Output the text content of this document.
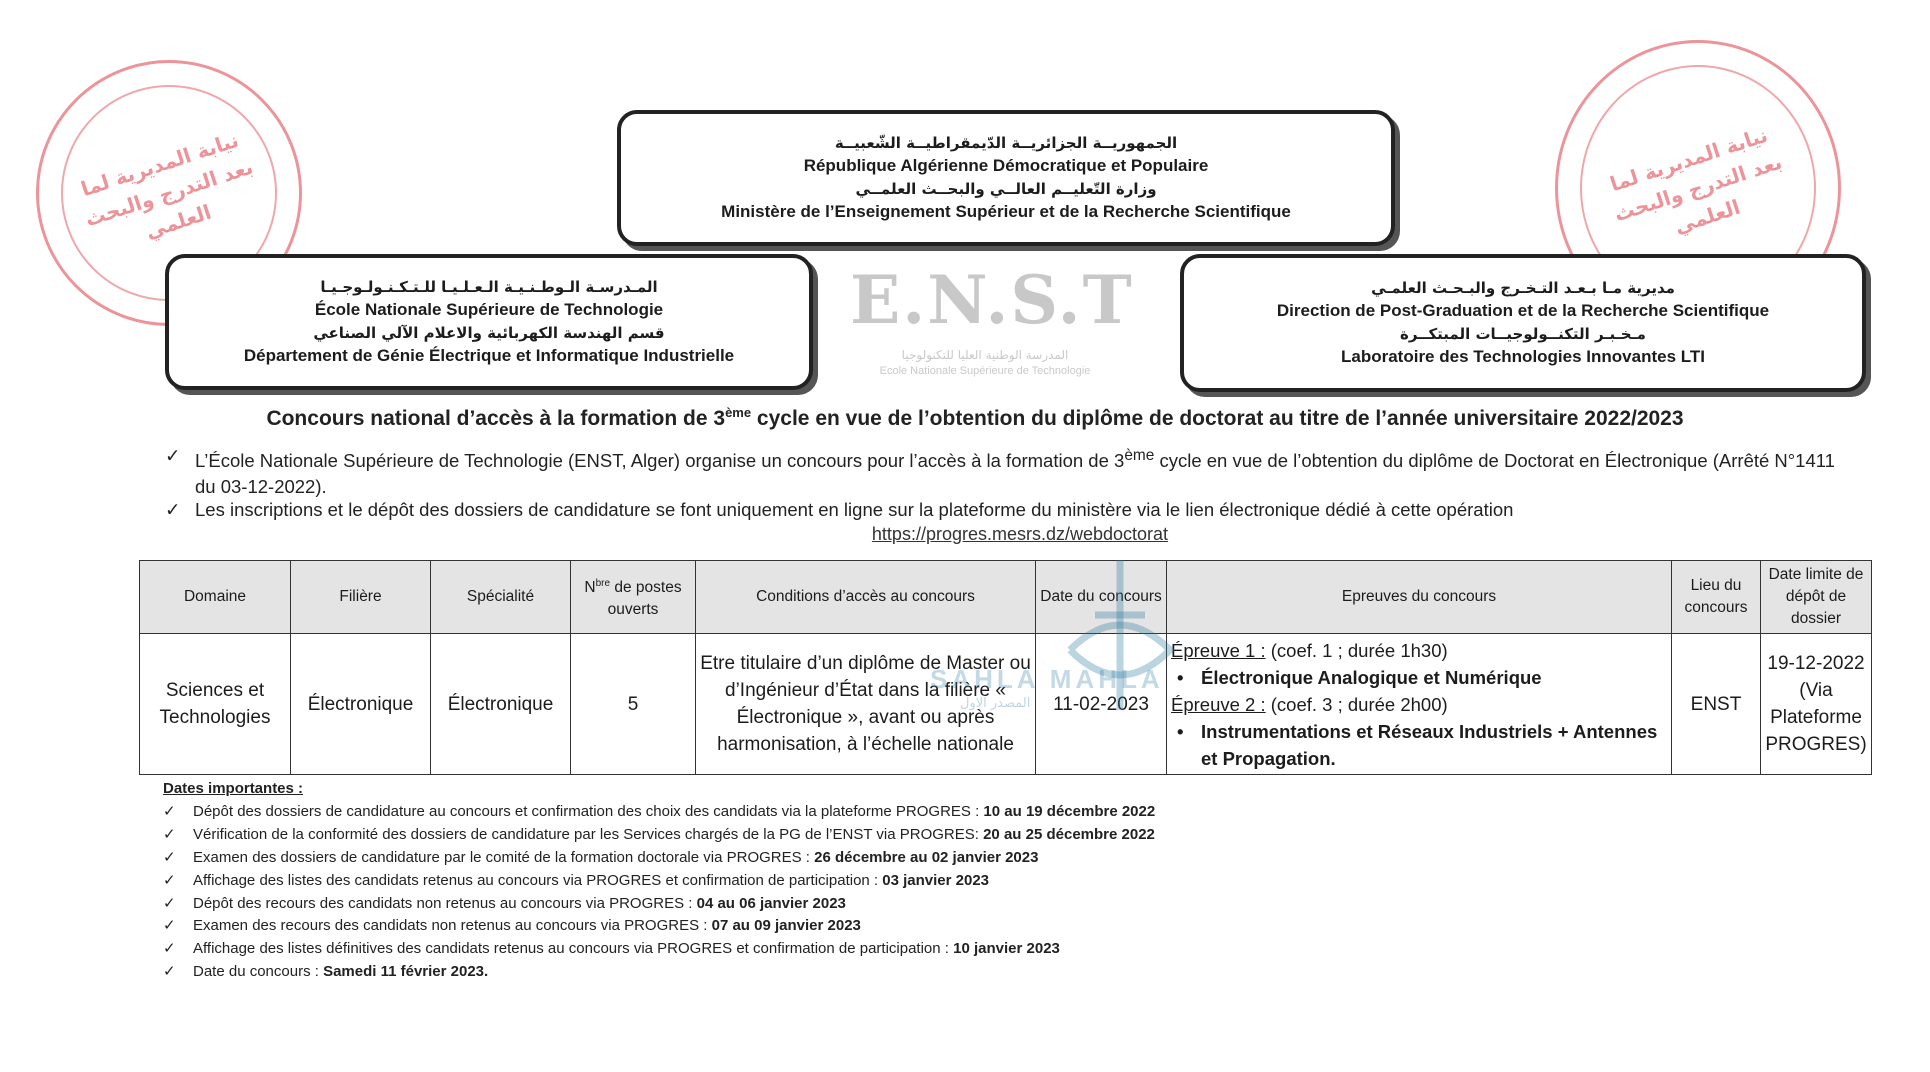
نيابة المديرية لما بعد التدرج والبحث العلمي
نيابة المديرية لما بعد التدرج والبحث العلمي
الجمهوريــة الجزائريــة الدّيمقراطيــة الشّعبيــة
République Algérienne Démocratique et Populaire
وزارة التّعليــم العالــي والبحــث العلمــي
Ministère de l’Enseignement Supérieur et de la Recherche Scientifique
المـدرسـة الـوطـنـيـة الـعـلـيـا للـتـكـنـولـوجـيـا
École Nationale Supérieure de Technologie
قسم الهندسة الكهربائية والاعلام الآلي الصناعي
Département de Génie Électrique et Informatique Industrielle
مديرية مـا بـعـد التـخـرج والبـحـث العلمـي
Direction de Post-Graduation et de la Recherche Scientifique
مـخـبـر التكنــولوجيــات المبتكــرة
Laboratoire des Technologies Innovantes LTI
E.N.S.T
المدرسة الوطنية العليا للتكنولوجيا
Ecole Nationale Supérieure de Technologie
Concours national d’accès à la formation de 3ème cycle en vue de l’obtention du diplôme de doctorat au titre de l’année universitaire 2022/2023
✓ L’École Nationale Supérieure de Technologie (ENST, Alger) organise un concours pour l’accès à la formation de 3ème cycle en vue de l’obtention du diplôme de Doctorat en Électronique (Arrêté N°1411 du 03-12-2022).
✓ Les inscriptions et le dépôt des dossiers de candidature se font uniquement en ligne sur la plateforme du ministère via le lien électronique dédié à cette opération
https://progres.mesrs.dz/webdoctorat
Domaine	Filière	Spécialité	$N^{bre}$ de postes ouverts	Conditions d’accès au concours	Date du concours	Epreuves du concours	Lieu du concours	Date limite de dépôt de dossier
Sciences et Technologies	Électronique	Électronique	5	Etre titulaire d’un diplôme de Master ou d’Ingénieur d’État dans la filière « Électronique », avant ou après harmonisation, à l’échelle nationale	11-02-2023	Épreuve 1 : (coef. 1 ; durée 1h30)
• Électronique Analogique et Numérique
Épreuve 2 : (coef. 3 ; durée 2h00)
• Instrumentations et Réseaux Industriels + Antennes et Propagation.	ENST	19-12-2022 (Via Plateforme PROGRES)
SAHLA MAHLA
المصدر الاول
Dates importantes :
✓ Dépôt des dossiers de candidature au concours et confirmation des choix des candidats via la plateforme PROGRES : 10 au 19 décembre 2022
✓ Vérification de la conformité des dossiers de candidature par les Services chargés de la PG de l’ENST via PROGRES: 20 au 25 décembre 2022
✓ Examen des dossiers de candidature par le comité de la formation doctorale via PROGRES : 26 décembre au 02 janvier 2023
✓ Affichage des listes des candidats retenus au concours via PROGRES et confirmation de participation : 03 janvier 2023
✓ Dépôt des recours des candidats non retenus au concours via PROGRES : 04 au 06 janvier 2023
✓ Examen des recours des candidats non retenus au concours via PROGRES : 07 au 09 janvier 2023
✓ Affichage des listes définitives des candidats retenus au concours via PROGRES et confirmation de participation : 10 janvier 2023
✓ Date du concours : Samedi 11 février 2023.
